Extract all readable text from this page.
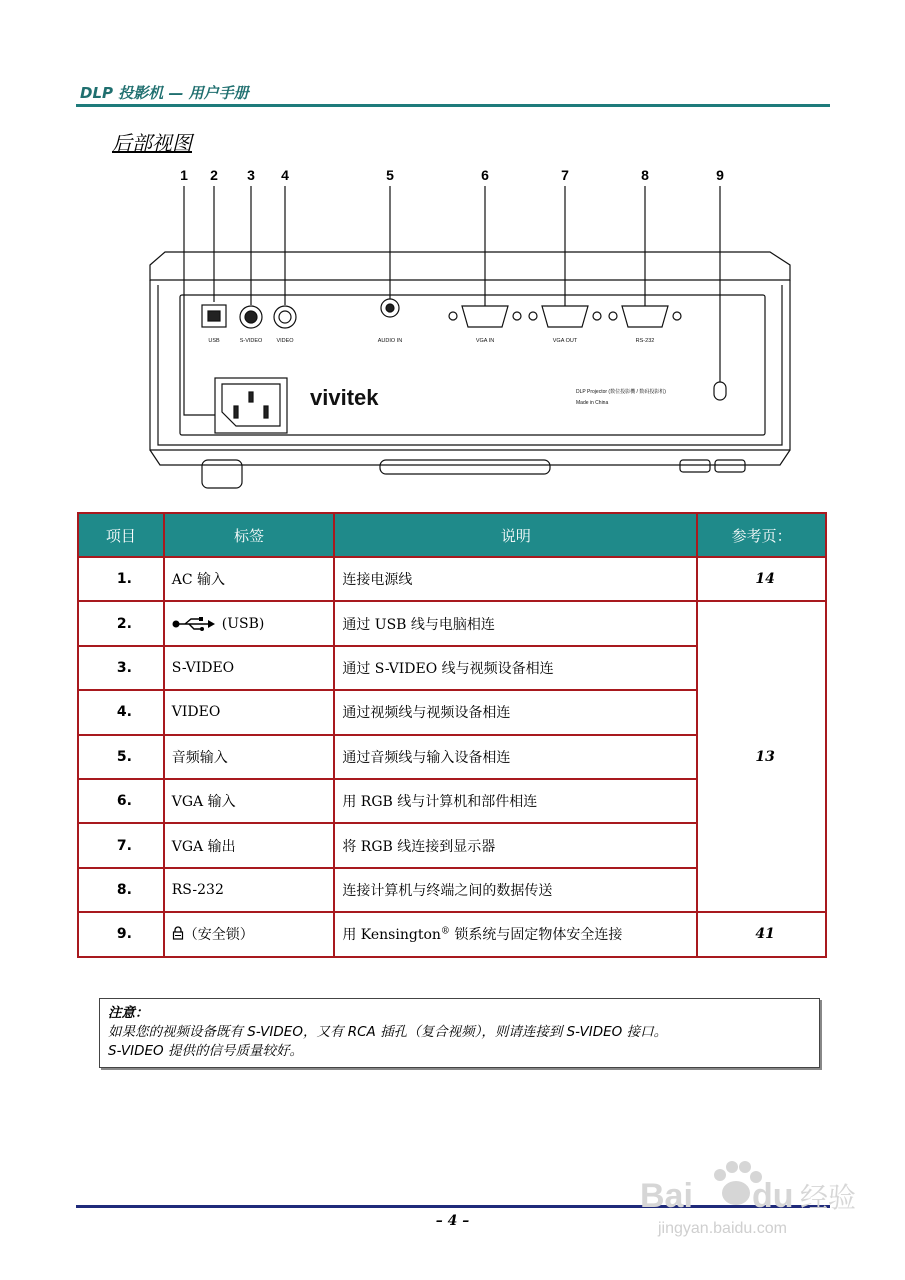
DLP 投影机 — 用户手册
后部视图
1 2 3 4	5	6	7	8	9
USB	S-VIDEO	VIDEO	AUDIO IN	VGA IN	VGA OUT	RS-232
vivitek	DLP Projector (数位投影機 / 数码投影机)
Made in China
项目	标签	说明	参考页：
1.	AC 输入	连接电源线	14
2.	(USB)	通过 USB 线与电脑相连	13
3.	S-VIDEO	通过 S-VIDEO 线与视频设备相连	
4.	VIDEO	通过视频线与视频设备相连	
5.	音频输入	通过音频线与输入设备相连	
6.	VGA 输入	用 RGB 线与计算机和部件相连	
7.	VGA 输出	将 RGB 线连接到显示器	
8.	RS-232	连接计算机与终端之间的数据传送	
9.	（安全锁）	用 Kensington® 锁系统与固定物体安全连接	41
注意：
如果您的视频设备既有 S-VIDEO，又有 RCA 插孔（复合视频），则请连接到 S-VIDEO 接口。
S-VIDEO 提供的信号质量较好。
– 4 –
Bai du 经验
jingyan.baidu.com
